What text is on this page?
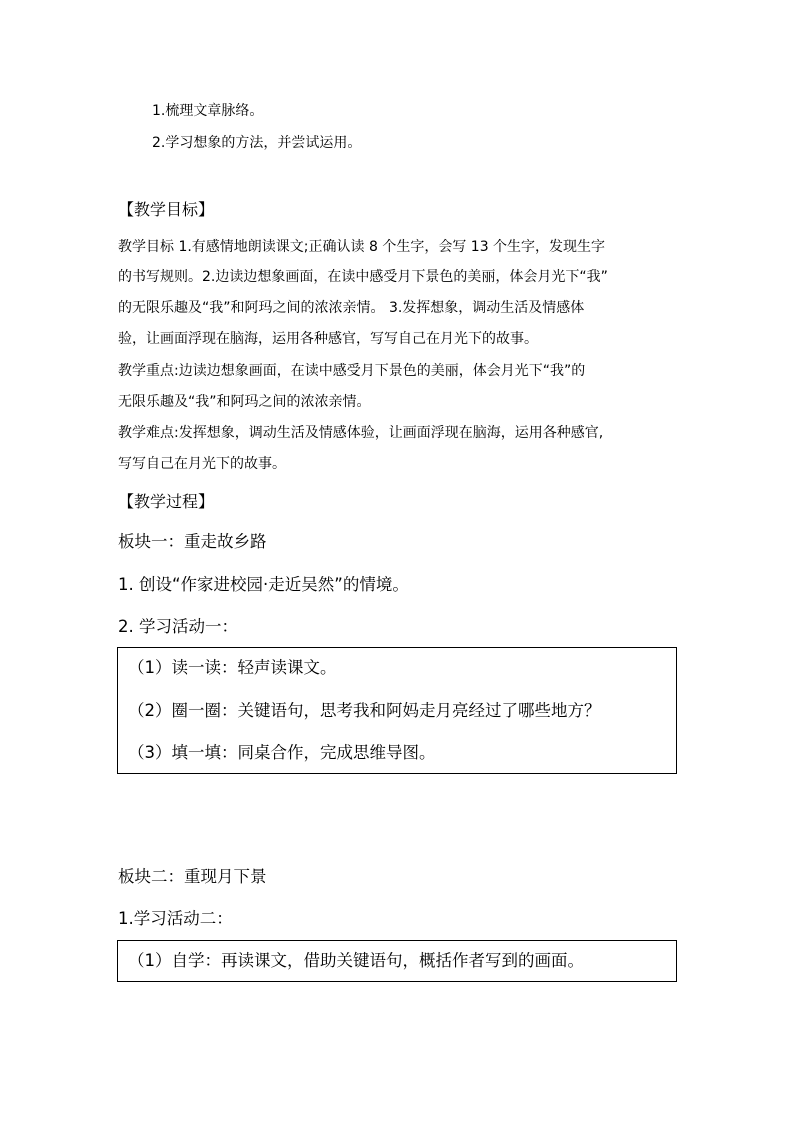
1.梳理文章脉络。
2.学习想象的方法，并尝试运用。
【教学目标】
教学目标 1.有感情地朗读课文;正确认读 8 个生字，会写 13 个生字，发现生字
的书写规则。2.边读边想象画面，在读中感受月下景色的美丽，体会月光下“我”
的无限乐趣及“我”和阿玛之间的浓浓亲情。 3.发挥想象，调动生活及情感体
验，让画面浮现在脑海，运用各种感官，写写自己在月光下的故事。
教学重点:边读边想象画面，在读中感受月下景色的美丽，体会月光下“我”的
无限乐趣及“我”和阿玛之间的浓浓亲情。
教学难点:发挥想象，调动生活及情感体验，让画面浮现在脑海，运用各种感官,
写写自己在月光下的故事。
【教学过程】
板块一：重走故乡路
1. 创设“作家进校园·走近吴然”的情境。
2. 学习活动一：
（1）读一读：轻声读课文。
（2）圈一圈：关键语句，思考我和阿妈走月亮经过了哪些地方？
（3）填一填：同桌合作，完成思维导图。
板块二：重现月下景
1.学习活动二：
（1）自学：再读课文，借助关键语句，概括作者写到的画面。
